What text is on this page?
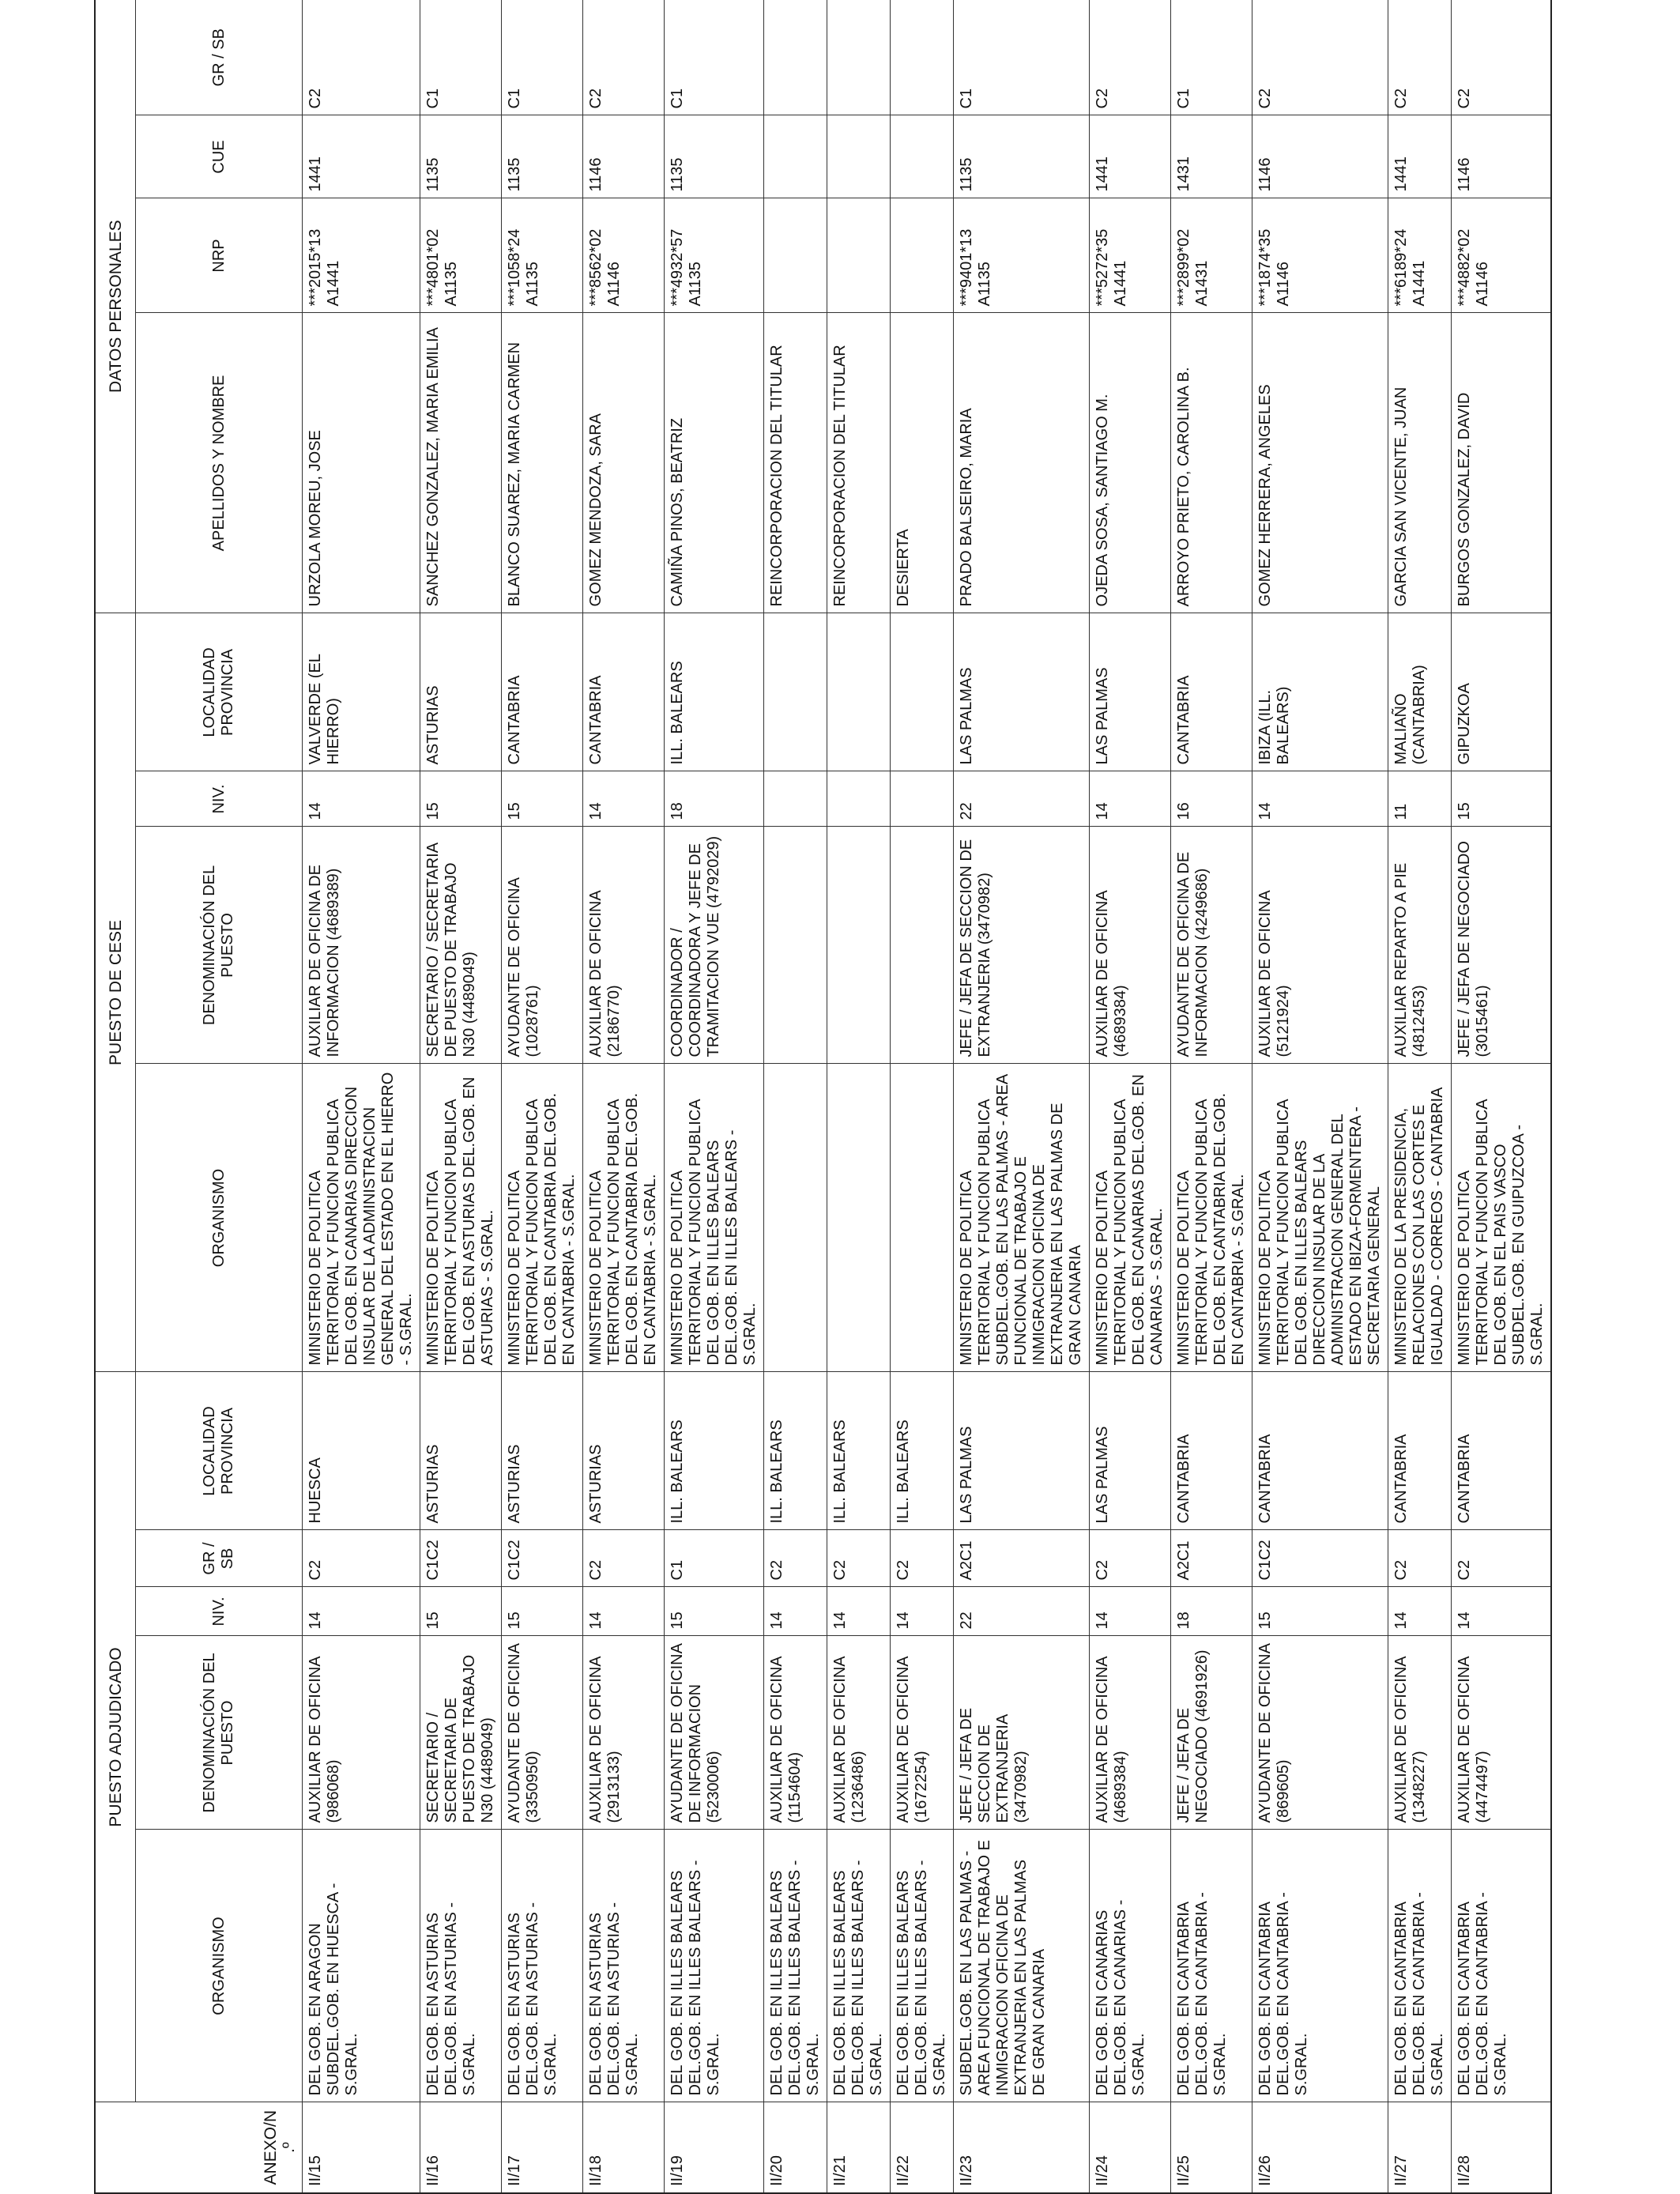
ANEXO/N.º	PUESTO ADJUDICADO					PUESTO DE CESE				DATOS PERSONALES			
	ORGANISMO	DENOMINACIÓN DEL PUESTO	NIV.	GR / SB	LOCALIDAD PROVINCIA	ORGANISMO	DENOMINACIÓN DEL PUESTO	NIV.	LOCALIDAD PROVINCIA	APELLIDOS Y NOMBRE	NRP	CUE	GR / SB
II/15	DEL GOB. EN ARAGON SUBDEL.GOB. EN HUESCA - S.GRAL.	AUXILIAR DE OFICINA (986068)	14	C2	HUESCA	MINISTERIO DE POLITICA TERRITORIAL Y FUNCION PUBLICA DEL GOB. EN CANARIAS DIRECCION INSULAR DE LA ADMINISTRACION GENERAL DEL ESTADO EN EL HIERRO - S.GRAL.	AUXILIAR DE OFICINA DE INFORMACION (4689389)	14	VALVERDE (EL HIERRO)	URZOLA MOREU, JOSE	***2015*13 A1441	1441	C2
II/16	DEL GOB. EN ASTURIAS DEL.GOB. EN ASTURIAS - S.GRAL.	SECRETARIO / SECRETARIA DE PUESTO DE TRABAJO N30 (4489049)	15	C1C2	ASTURIAS	MINISTERIO DE POLITICA TERRITORIAL Y FUNCION PUBLICA DEL GOB. EN ASTURIAS DEL.GOB. EN ASTURIAS - S.GRAL.	SECRETARIO / SECRETARIA DE PUESTO DE TRABAJO N30 (4489049)	15	ASTURIAS	SANCHEZ GONZALEZ, MARIA EMILIA	***4801*02 A1135	1135	C1
II/17	DEL GOB. EN ASTURIAS DEL.GOB. EN ASTURIAS - S.GRAL.	AYUDANTE DE OFICINA (3350950)	15	C1C2	ASTURIAS	MINISTERIO DE POLITICA TERRITORIAL Y FUNCION PUBLICA DEL GOB. EN CANTABRIA DEL.GOB. EN CANTABRIA - S.GRAL.	AYUDANTE DE OFICINA (1028761)	15	CANTABRIA	BLANCO SUAREZ, MARIA CARMEN	***1058*24 A1135	1135	C1
II/18	DEL GOB. EN ASTURIAS DEL.GOB. EN ASTURIAS - S.GRAL.	AUXILIAR DE OFICINA (2913133)	14	C2	ASTURIAS	MINISTERIO DE POLITICA TERRITORIAL Y FUNCION PUBLICA DEL GOB. EN CANTABRIA DEL.GOB. EN CANTABRIA - S.GRAL.	AUXILIAR DE OFICINA (2186770)	14	CANTABRIA	GOMEZ MENDOZA, SARA	***8562*02 A1146	1146	C2
II/19	DEL GOB. EN ILLES BALEARS DEL.GOB. EN ILLES BALEARS - S.GRAL.	AYUDANTE DE OFICINA DE INFORMACION (5230006)	15	C1	ILL. BALEARS	MINISTERIO DE POLITICA TERRITORIAL Y FUNCION PUBLICA DEL GOB. EN ILLES BALEARS DEL.GOB. EN ILLES BALEARS - S.GRAL.	COORDINADOR / COORDINADORA Y JEFE DE TRAMITACION VUE (4792029)	18	ILL. BALEARS	CAMIÑA PINOS, BEATRIZ	***4932*57 A1135	1135	C1
II/20	DEL GOB. EN ILLES BALEARS DEL.GOB. EN ILLES BALEARS - S.GRAL.	AUXILIAR DE OFICINA (1154604)	14	C2	ILL. BALEARS					REINCORPORACION DEL TITULAR			
II/21	DEL GOB. EN ILLES BALEARS DEL.GOB. EN ILLES BALEARS - S.GRAL.	AUXILIAR DE OFICINA (1236486)	14	C2	ILL. BALEARS					REINCORPORACION DEL TITULAR			
II/22	DEL GOB. EN ILLES BALEARS DEL.GOB. EN ILLES BALEARS - S.GRAL.	AUXILIAR DE OFICINA (1672254)	14	C2	ILL. BALEARS					DESIERTA			
II/23	SUBDEL.GOB. EN LAS PALMAS - AREA FUNCIONAL DE TRABAJO E INMIGRACION OFICINA DE EXTRANJERIA EN LAS PALMAS DE GRAN CANARIA	JEFE / JEFA DE SECCION DE EXTRANJERIA (3470982)	22	A2C1	LAS PALMAS	MINISTERIO DE POLITICA TERRITORIAL Y FUNCION PUBLICA SUBDEL.GOB. EN LAS PALMAS - AREA FUNCIONAL DE TRABAJO E INMIGRACION OFICINA DE EXTRANJERIA EN LAS PALMAS DE GRAN CANARIA	JEFE / JEFA DE SECCION DE EXTRANJERIA (3470982)	22	LAS PALMAS	PRADO BALSEIRO, MARIA	***9401*13 A1135	1135	C1
II/24	DEL GOB. EN CANARIAS DEL.GOB. EN CANARIAS - S.GRAL.	AUXILIAR DE OFICINA (4689384)	14	C2	LAS PALMAS	MINISTERIO DE POLITICA TERRITORIAL Y FUNCION PUBLICA DEL GOB. EN CANARIAS DEL.GOB. EN CANARIAS - S.GRAL.	AUXILIAR DE OFICINA (4689384)	14	LAS PALMAS	OJEDA SOSA, SANTIAGO M.	***5272*35 A1441	1441	C2
II/25	DEL GOB. EN CANTABRIA DEL.GOB. EN CANTABRIA - S.GRAL.	JEFE / JEFA DE NEGOCIADO (4691926)	18	A2C1	CANTABRIA	MINISTERIO DE POLITICA TERRITORIAL Y FUNCION PUBLICA DEL GOB. EN CANTABRIA DEL.GOB. EN CANTABRIA - S.GRAL.	AYUDANTE DE OFICINA DE INFORMACION (4249686)	16	CANTABRIA	ARROYO PRIETO, CAROLINA B.	***2899*02 A1431	1431	C1
II/26	DEL GOB. EN CANTABRIA DEL.GOB. EN CANTABRIA - S.GRAL.	AYUDANTE DE OFICINA (869605)	15	C1C2	CANTABRIA	MINISTERIO DE POLITICA TERRITORIAL Y FUNCION PUBLICA DEL GOB. EN ILLES BALEARS DIRECCION INSULAR DE LA ADMINISTRACION GENERAL DEL ESTADO EN IBIZA-FORMENTERA - SECRETARIA GENERAL	AUXILIAR DE OFICINA (5121924)	14	IBIZA (ILL. BALEARS)	GOMEZ HERRERA, ANGELES	***1874*35 A1146	1146	C2
II/27	DEL GOB. EN CANTABRIA DEL.GOB. EN CANTABRIA - S.GRAL.	AUXILIAR DE OFICINA (1348227)	14	C2	CANTABRIA	MINISTERIO DE LA PRESIDENCIA, RELACIONES CON LAS CORTES E IGUALDAD - CORREOS - CANTABRIA	AUXILIAR REPARTO A PIE (4812453)	11	MALIAÑO (CANTABRIA)	GARCIA SAN VICENTE, JUAN	***6189*24 A1441	1441	C2
II/28	DEL GOB. EN CANTABRIA DEL.GOB. EN CANTABRIA - S.GRAL.	AUXILIAR DE OFICINA (4474497)	14	C2	CANTABRIA	MINISTERIO DE POLITICA TERRITORIAL Y FUNCION PUBLICA DEL GOB. EN EL PAIS VASCO SUBDEL.GOB. EN GUIPUZCOA - S.GRAL.	JEFE / JEFA DE NEGOCIADO (3015461)	15	GIPUZKOA	BURGOS GONZALEZ, DAVID	***4882*02 A1146	1146	C2
